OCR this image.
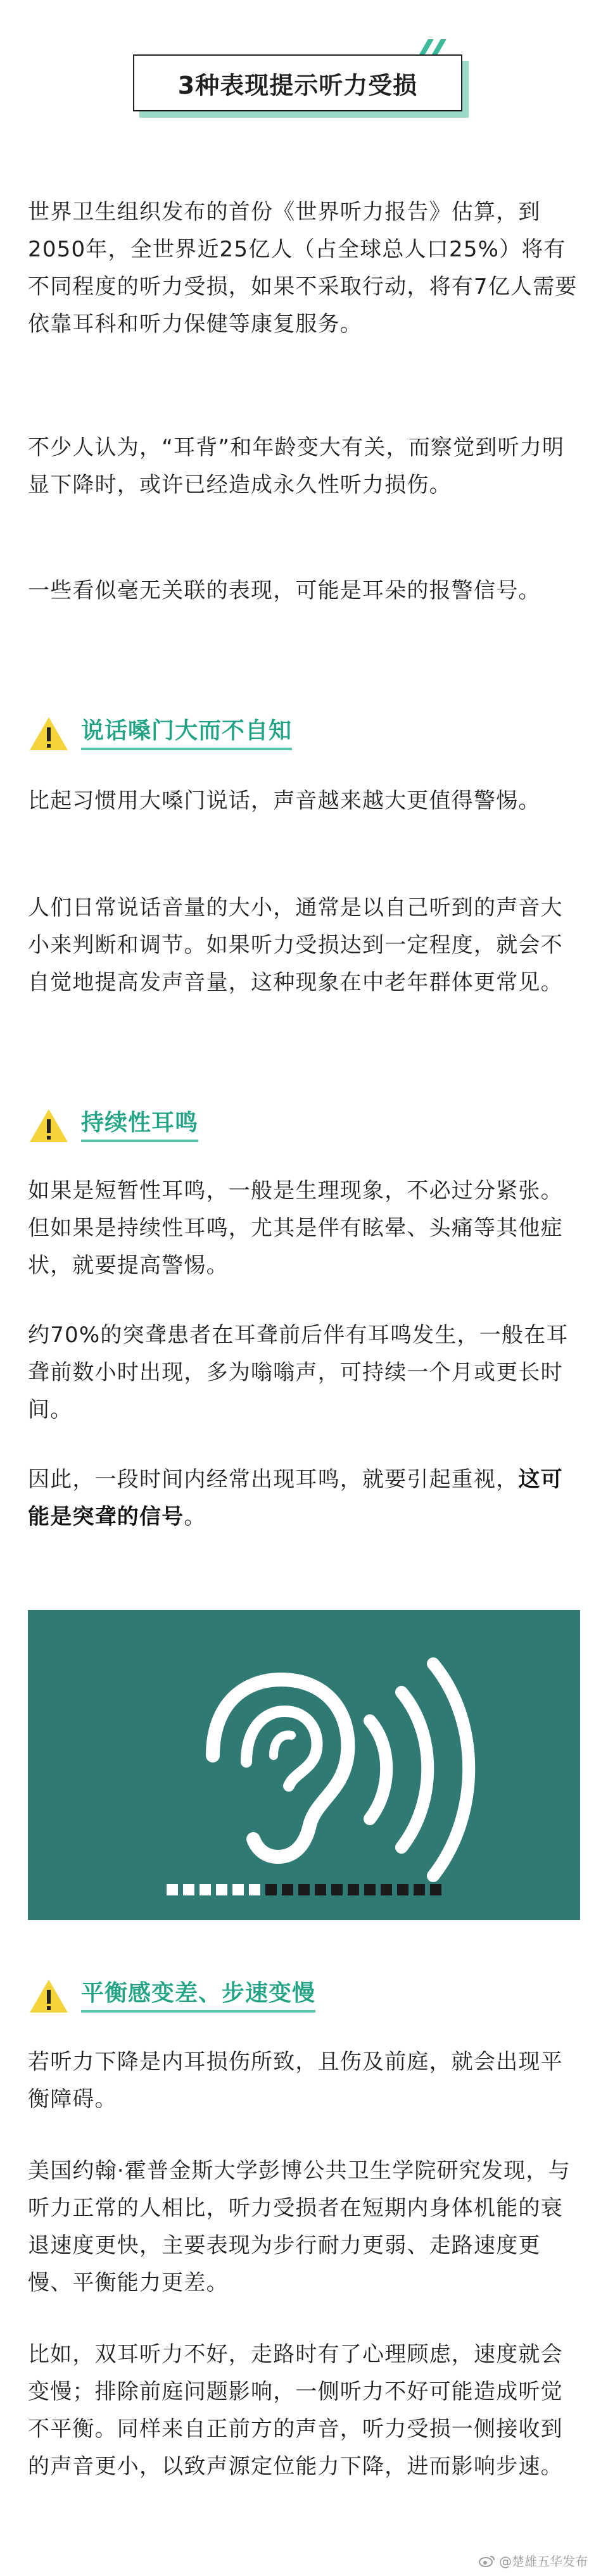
3种表现提示听力受损

世界卫生组织发布的首份《世界听力报告》估算，到2050年，全世界近25亿人（占全球总人口25%）将有不同程度的听力受损，如果不采取行动，将有7亿人需要依靠耳科和听力保健等康复服务。

不少人认为，“耳背”和年龄变大有关，而察觉到听力明显下降时，或许已经造成永久性听力损伤。

一些看似毫无关联的表现，可能是耳朵的报警信号。

说话嗓门大而不自知

比起习惯用大嗓门说话，声音越来越大更值得警惕。

人们日常说话音量的大小，通常是以自己听到的声音大小来判断和调节。如果听力受损达到一定程度，就会不自觉地提高发声音量，这种现象在中老年群体更常见。

持续性耳鸣

如果是短暂性耳鸣，一般是生理现象，不必过分紧张。但如果是持续性耳鸣，尤其是伴有眩晕、头痛等其他症状，就要提高警惕。

约70%的突聋患者在耳聋前后伴有耳鸣发生，一般在耳聋前数小时出现，多为嗡嗡声，可持续一个月或更长时间。

因此，一段时间内经常出现耳鸣，就要引起重视，这可能是突聋的信号。

平衡感变差、步速变慢

若听力下降是内耳损伤所致，且伤及前庭，就会出现平衡障碍。

美国约翰·霍普金斯大学彭博公共卫生学院研究发现，与听力正常的人相比，听力受损者在短期内身体机能的衰退速度更快，主要表现为步行耐力更弱、走路速度更慢、平衡能力更差。

比如，双耳听力不好，走路时有了心理顾虑，速度就会变慢；排除前庭问题影响，一侧听力不好可能造成听觉不平衡。同样来自正前方的声音，听力受损一侧接收到的声音更小，以致声源定位能力下降，进而影响步速。

@楚雄五华发布
